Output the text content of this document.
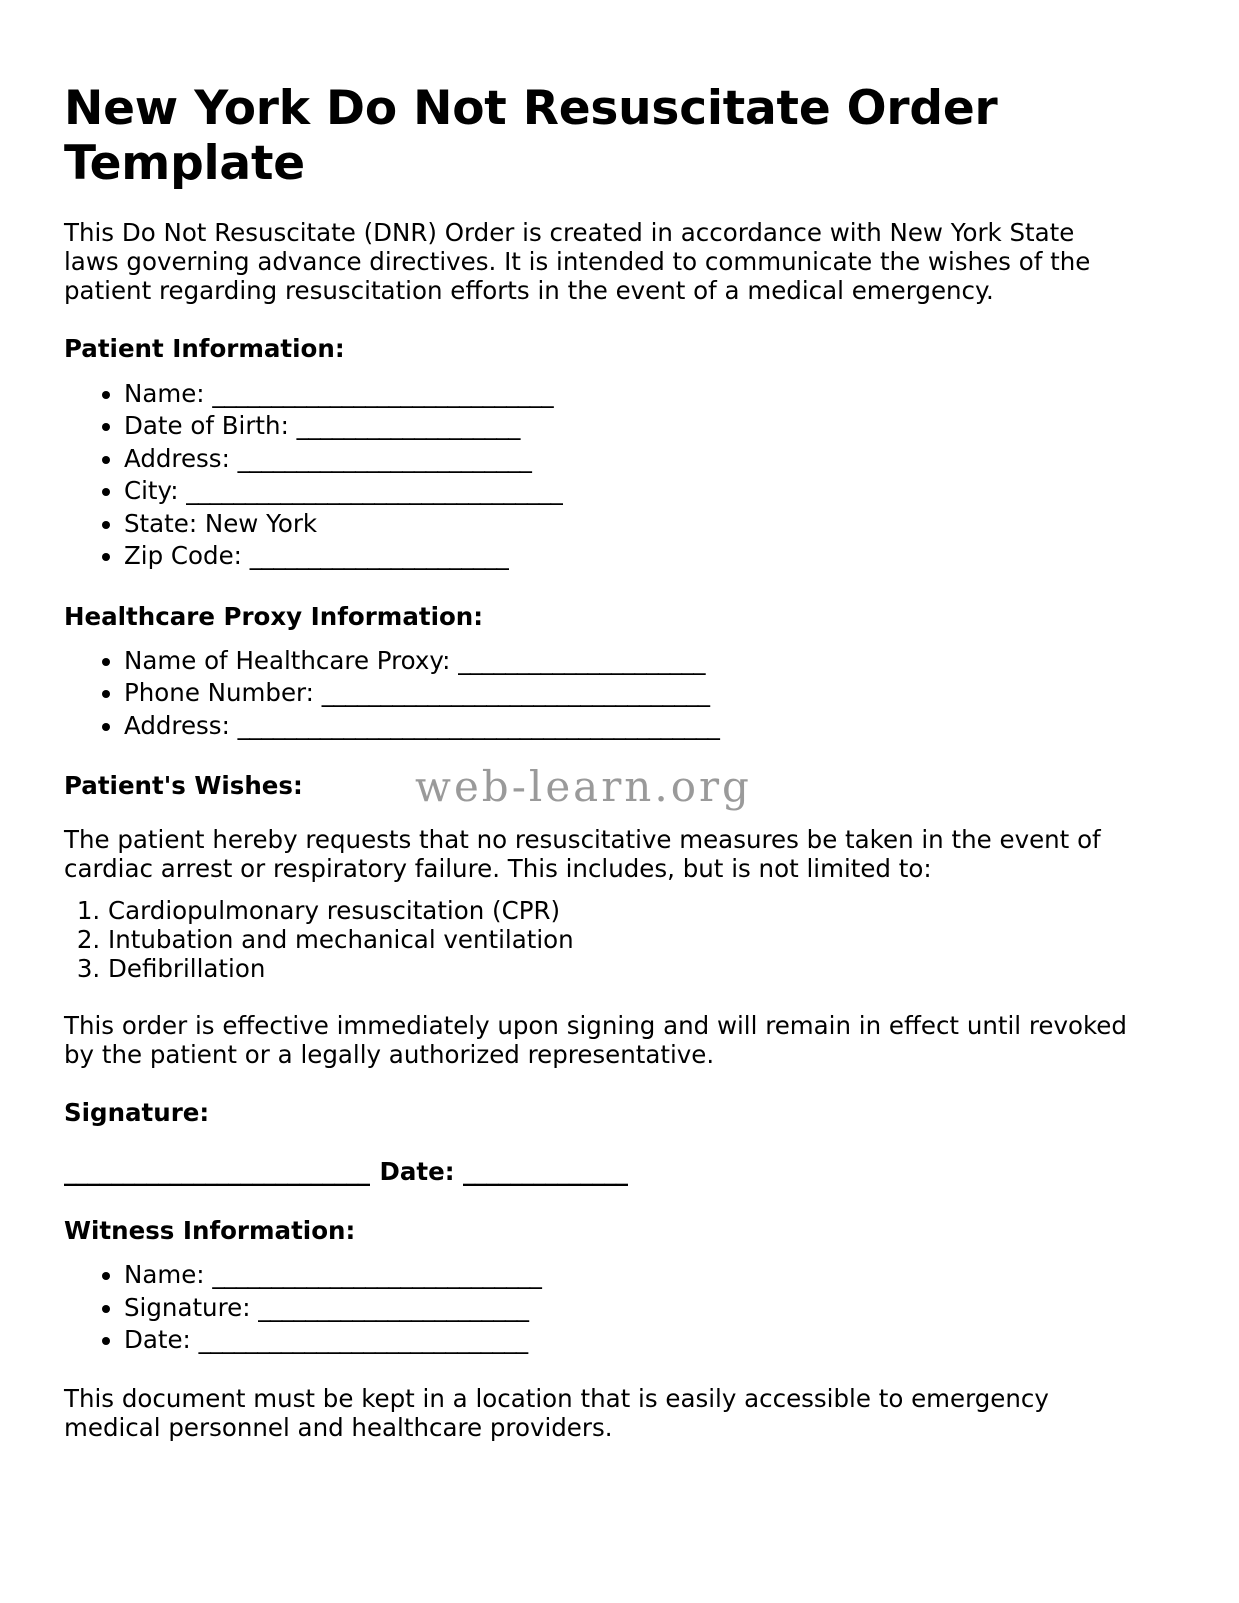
web-learn.org
New York Do Not Resuscitate Order Template

This Do Not Resuscitate (DNR) Order is created in accordance with New York State laws governing advance directives. It is intended to communicate the wishes of the patient regarding resuscitation efforts in the event of a medical emergency.

Patient Information:
• Name: _____________________________
• Date of Birth: ___________________
• Address: _________________________
• City: ________________________________
• State: New York
• Zip Code: ______________________
Healthcare Proxy Information:
• Name of Healthcare Proxy: _____________________
• Phone Number: _________________________________
• Address: _________________________________________
Patient's Wishes:

The patient hereby requests that no resuscitative measures be taken in the event of cardiac arrest or respiratory failure. This includes, but is not limited to:

1. Cardiopulmonary resuscitation (CPR)
2. Intubation and mechanical ventilation
3. Defibrillation

This order is effective immediately upon signing and will remain in effect until revoked by the patient or a legally authorized representative.

Signature:
__________________________ Date: ______________
Witness Information:
• Name: ____________________________
• Signature: _______________________
• Date: ____________________________

This document must be kept in a location that is easily accessible to emergency medical personnel and healthcare providers.
